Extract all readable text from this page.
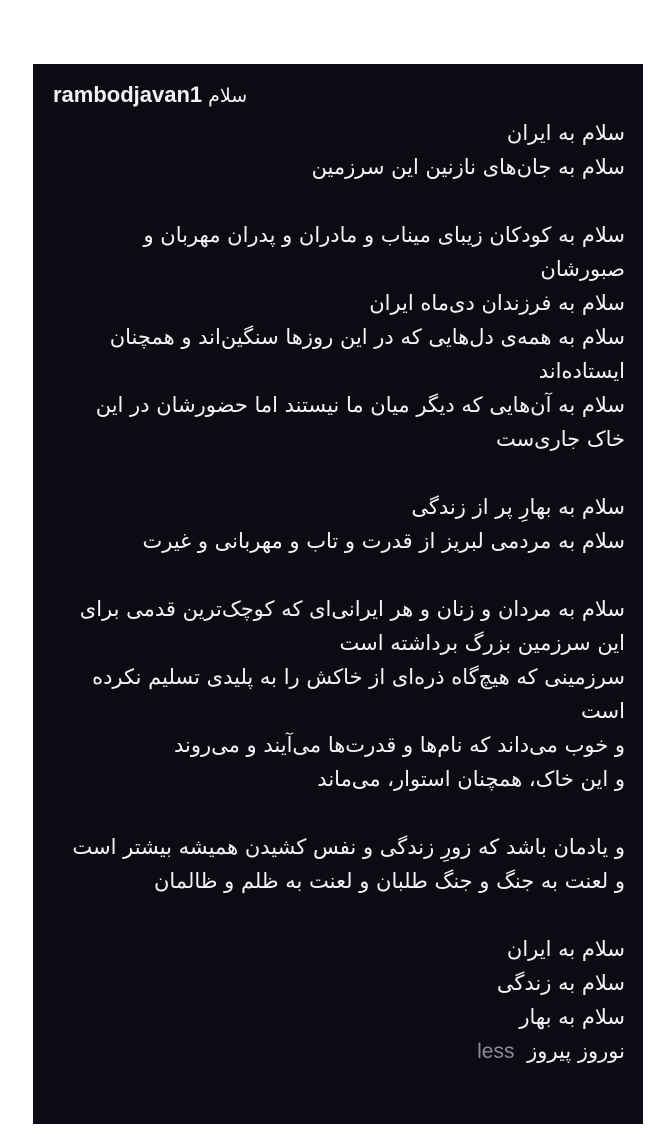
rambodjavan1 سلام
سلام به ایران
سلام به جان‌های نازنین این سرزمین
سلام به کودکان زیبای میناب و مادران و پدران مهربان و صبورشان
سلام به فرزندان دی‌ماه ایران
سلام به همه‌ی دل‌هایی که در این روزها سنگین‌اند و همچنان ایستاده‌اند
سلام به آن‌هایی که دیگر میان ما نیستند اما حضورشان در این خاک جاری‌ست
سلام به بهارِ پر از زندگی
سلام به مردمی لبریز از قدرت و تاب و مهربانی و غیرت
سلام به مردان و زنان و هر ایرانی‌ای که کوچک‌ترین قدمی برای این سرزمین بزرگ برداشته است
سرزمینی که هیچ‌گاه ذره‌ای از خاکش را به پلیدی تسلیم نکرده است
و خوب می‌داند که نام‌ها و قدرت‌ها می‌آیند و می‌روند
و این خاک، همچنان استوار، می‌ماند
و یادمان باشد که زورِ زندگی و نفس کشیدن همیشه بیشتر است
و لعنت به جنگ و جنگ طلبان و لعنت به ظلم و ظالمان
سلام به ایران
سلام به زندگی
سلام به بهار
نوروز پیروز less
